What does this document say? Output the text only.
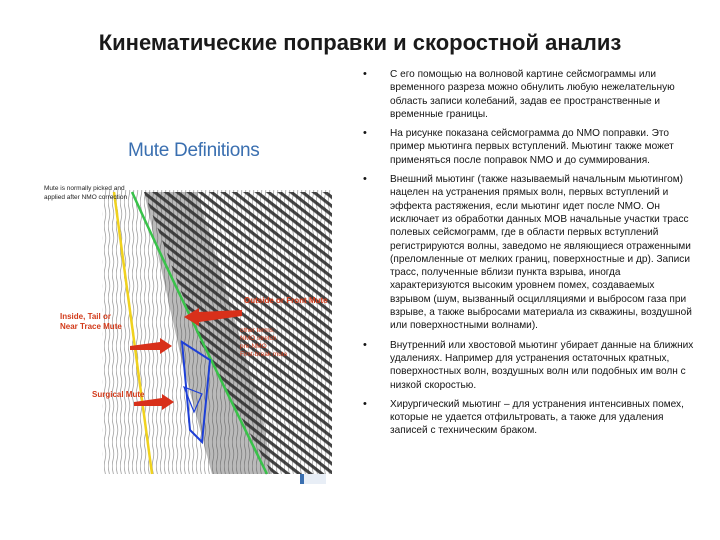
Кинематические поправки и скоростной анализ
Mute Definitions
Mute is normally picked and applied after NMO correction
Outside or Front Mute
Inside, Tail or
Near Trace Mute
Surgical Mute
other terms:
NMO stretch
pre-NMO
First-break mute
• С его помощью на волновой картине сейсмограммы или временного разреза можно обнулить любую нежелательную область записи колебаний, задав ее пространственные и временные границы.
• На рисунке показана сейсмограмма до NMO поправки. Это пример мьютинга первых вступлений. Мьютинг также может применяться после поправок NMO и до суммирования.
• Внешний мьютинг (также называемый начальным мьютингом) нацелен на устранения прямых волн, первых вступлений и эффекта растяжения, если мьютинг идет после NMO. Он исключает из обработки данных МОВ начальные участки трасс полевых сейсмограмм, где в области первых вступлений регистрируются волны, заведомо не являющиеся отраженными (преломленные от мелких границ, поверхностные и др). Записи трасс, полученные вблизи пункта взрыва, иногда характеризуются высоким уровнем помех, создаваемых взрывом (шум, вызванный осцилляциями и выбросом газа при взрыве, а также выбросами материала из скважины, воздушной или поверхностными волнами).
• Внутренний или хвостовой мьютинг убирает данные на ближних удалениях. Например для устранения остаточных кратных, поверхностных волн, воздушных волн или подобных им волн с низкой скоростью.
• Хирургический мьютинг – для устранения интенсивных помех, которые не удается отфильтровать, а также для удаления записей с техническим браком.
